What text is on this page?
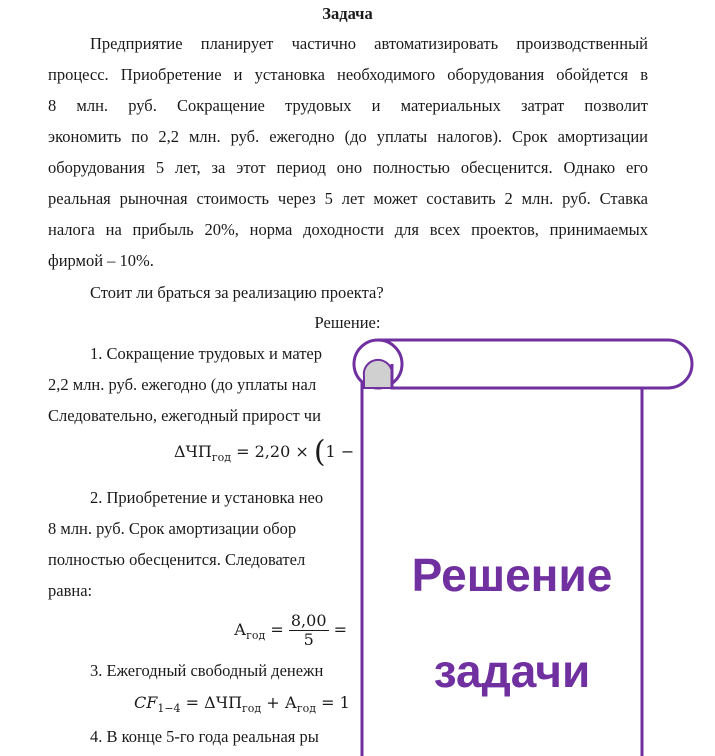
Задача
Предприятие планирует частично автоматизировать производственный
процесс. Приобретение и установка необходимого оборудования обойдется в
8 млн. руб. Сокращение трудовых и материальных затрат позволит
экономить по 2,2 млн. руб. ежегодно (до уплаты налогов). Срок амортизации
оборудования 5 лет, за этот период оно полностью обесценится. Однако его
реальная рыночная стоимость через 5 лет может составить 2 млн. руб. Ставка
налога на прибыль 20%, норма доходности для всех проектов, принимаемых
фирмой – 10%.
Стоит ли браться за реализацию проекта?
Решение:
1. Сокращение трудовых и матер
2,2 млн. руб. ежегодно (до уплаты нал
Следовательно, ежегодный прирост чи
$\Delta ЧП_{год} = 2,20 \times (1$ −
2. Приобретение и установка нео
8 млн. руб. Срок амортизации обор
полностью обесценится. Следовател
равна:
$А_{год} = \frac{8,00}{5}$ =
3. Ежегодный свободный денежн
$CF_{1-4} = \Delta ЧП_{год} + А_{год} = 1$
4. В конце 5-го года реальная ры
Решение
задачи
